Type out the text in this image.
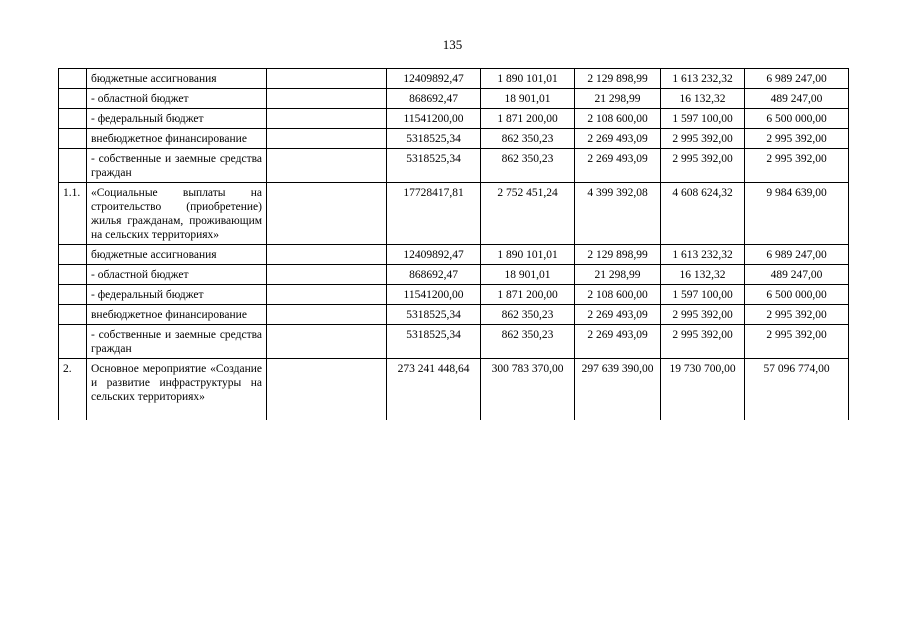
135
	бюджетные ассигнования		12409892,47	1 890 101,01	2 129 898,99	1 613 232,32	6 989 247,00
	- областной бюджет		868692,47	18 901,01	21 298,99	16 132,32	489 247,00
	- федеральный бюджет		11541200,00	1 871 200,00	2 108 600,00	1 597 100,00	6 500 000,00
	внебюджетное финансирование		5318525,34	862 350,23	2 269 493,09	2 995 392,00	2 995 392,00
	- собственные и заемные средства граждан		5318525,34	862 350,23	2 269 493,09	2 995 392,00	2 995 392,00
1.1.	«Социальные выплаты на строительство (приобретение) жилья гражданам, проживающим на сельских территориях»		17728417,81	2 752 451,24	4 399 392,08	4 608 624,32	9 984 639,00
	бюджетные ассигнования		12409892,47	1 890 101,01	2 129 898,99	1 613 232,32	6 989 247,00
	- областной бюджет		868692,47	18 901,01	21 298,99	16 132,32	489 247,00
	- федеральный бюджет		11541200,00	1 871 200,00	2 108 600,00	1 597 100,00	6 500 000,00
	внебюджетное финансирование		5318525,34	862 350,23	2 269 493,09	2 995 392,00	2 995 392,00
	- собственные и заемные средства граждан		5318525,34	862 350,23	2 269 493,09	2 995 392,00	2 995 392,00
2.	Основное мероприятие «Создание и развитие инфраструктуры на сельских территориях»		273 241 448,64	300 783 370,00	297 639 390,00	19 730 700,00	57 096 774,00
